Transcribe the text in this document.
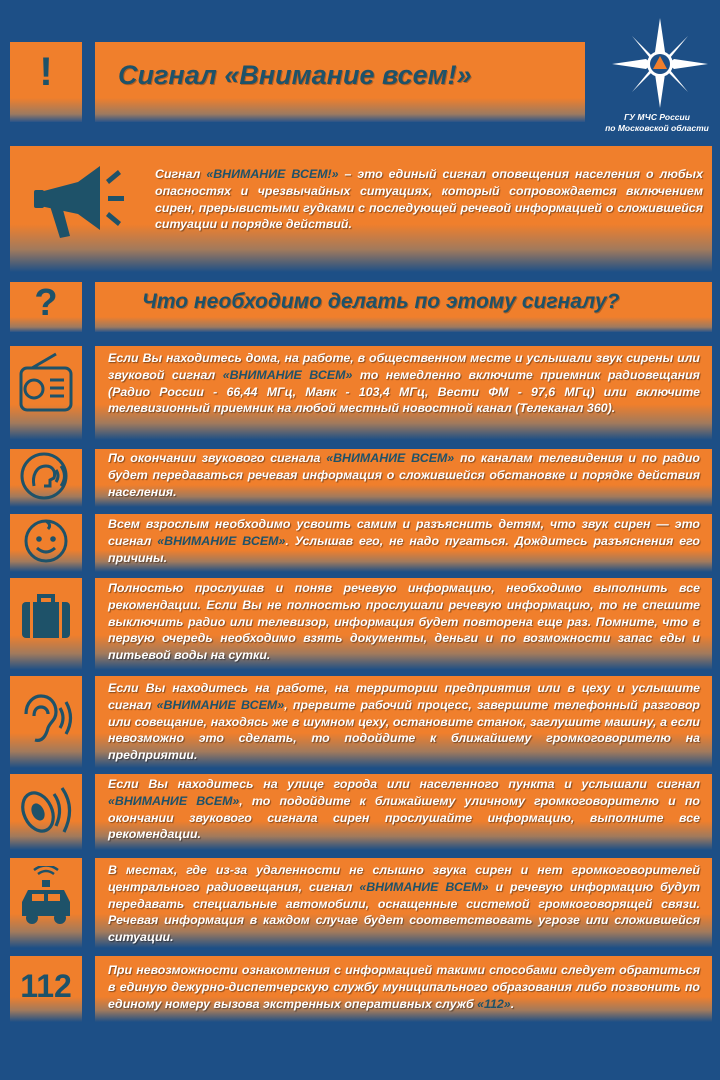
!	Сигнал «Внимание всем!»
ГУ МЧС России
по Московской области
Сигнал «ВНИМАНИЕ ВСЕМ!» – это единый сигнал оповещения населения о любых опасностях и чрезвычайных ситуациях, который сопровождается включением сирен, прерывистыми гудками с последующей речевой информацией о сложившейся ситуации и порядке действий.
?	Что необходимо делать по этому сигналу?
Если Вы находитесь дома, на работе, в общественном месте и услышали звук сирены или звуковой сигнал «ВНИМАНИЕ ВСЕМ» то немедленно включите приемник радиовещания (Радио России - 66,44 МГц, Маяк - 103,4 МГц, Вести ФМ - 97,6 МГц) или включите телевизионный приемник на любой местный новостной канал (Телеканал 360).
По окончании звукового сигнала «ВНИМАНИЕ ВСЕМ» по каналам телевидения и по радио будет передаваться речевая информация о сложившейся обстановке и порядке действия населения.
Всем взрослым необходимо усвоить самим и разъяснить детям, что звук сирен — это сигнал «ВНИМАНИЕ ВСЕМ». Услышав его, не надо пугаться. Дождитесь разъяснения его причины.
Полностью прослушав и поняв речевую информацию, необходимо выполнить все рекомендации. Если Вы не полностью прослушали речевую информацию, то не спешите выключить радио или телевизор, информация будет повторена еще раз. Помните, что в первую очередь необходимо взять документы, деньги и по возможности запас еды и питьевой воды на сутки.
Если Вы находитесь на работе, на территории предприятия или в цеху и услышите сигнал «ВНИМАНИЕ ВСЕМ», прервите рабочий процесс, завершите телефонный разговор или совещание, находясь же в шумном цеху, остановите станок, заглушите машину, а если невозможно это сделать, то подойдите к ближайшему громкоговорителю на предприятии.
Если Вы находитесь на улице города или населенного пункта и услышали сигнал «ВНИМАНИЕ ВСЕМ», то подойдите к ближайшему уличному громкоговорителю и по окончании звукового сигнала сирен прослушайте информацию, выполните все рекомендации.
В местах, где из-за удаленности не слышно звука сирен и нет громкоговорителей центрального радиовещания, сигнал «ВНИМАНИЕ ВСЕМ» и речевую информацию будут передавать специальные автомобили, оснащенные системой громкоговорящей связи. Речевая информация в каждом случае будет соответствовать угрозе или сложившейся ситуации.
112	При невозможности ознакомления с информацией такими способами следует обратиться в единую дежурно-диспетчерскую службу муниципального образования либо позвонить по единому номеру вызова экстренных оперативных служб «112».
